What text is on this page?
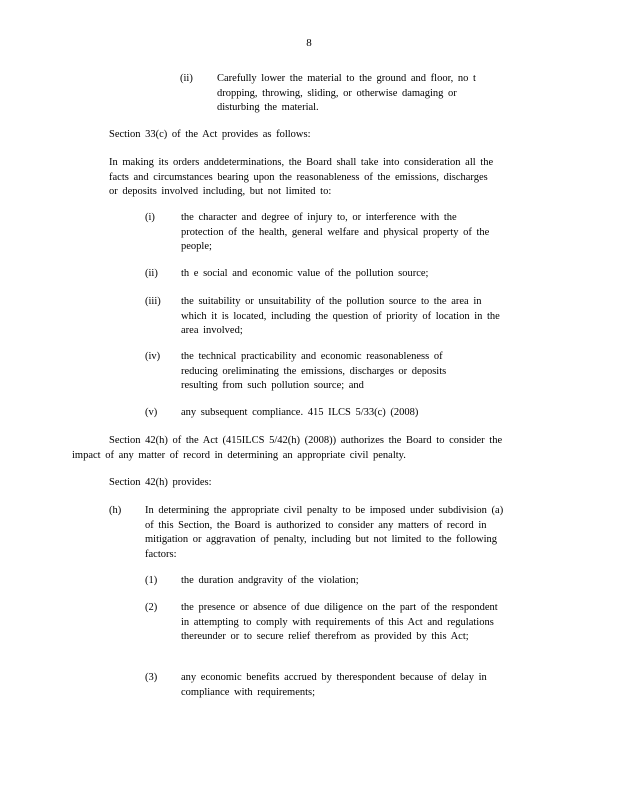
8
(ii) Carefully lower the material to the ground and floor, no t dropping, throwing, sliding, or otherwise damaging or disturbing the material.
Section 33(c) of the Act provides as follows:
In making its orders anddeterminations, the Board shall take into consideration all the facts and circumstances bearing upon the reasonableness of the emissions, discharges or deposits involved including, but not limited to:
(i) the character and degree of injury to, or interference with the protection of the health, general welfare and physical property of the people;
(ii) th e social and economic value of the pollution source;
(iii) the suitability or unsuitability of the pollution source to the area in which it is located, including the question of priority of location in the area involved;
(iv) the technical practicability and economic reasonableness of reducing oreliminating the emissions, discharges or deposits resulting from such pollution source; and
(v) any subsequent compliance. 415 ILCS 5/33(c) (2008)
Section 42(h) of the Act (415ILCS 5/42(h) (2008)) authorizes the Board to consider the impact of any matter of record in determining an appropriate civil penalty.
Section 42(h) provides:
(h) In determining the appropriate civil penalty to be imposed under subdivision (a) of this Section, the Board is authorized to consider any matters of record in mitigation or aggravation of penalty, including but not limited to the following factors:
(1) the duration andgravity of the violation;
(2) the presence or absence of due diligence on the part of the respondent in attempting to comply with requirements of this Act and regulations thereunder or to secure relief therefrom as provided by this Act;
(3) any economic benefits accrued by therespondent because of delay in compliance with requirements;
